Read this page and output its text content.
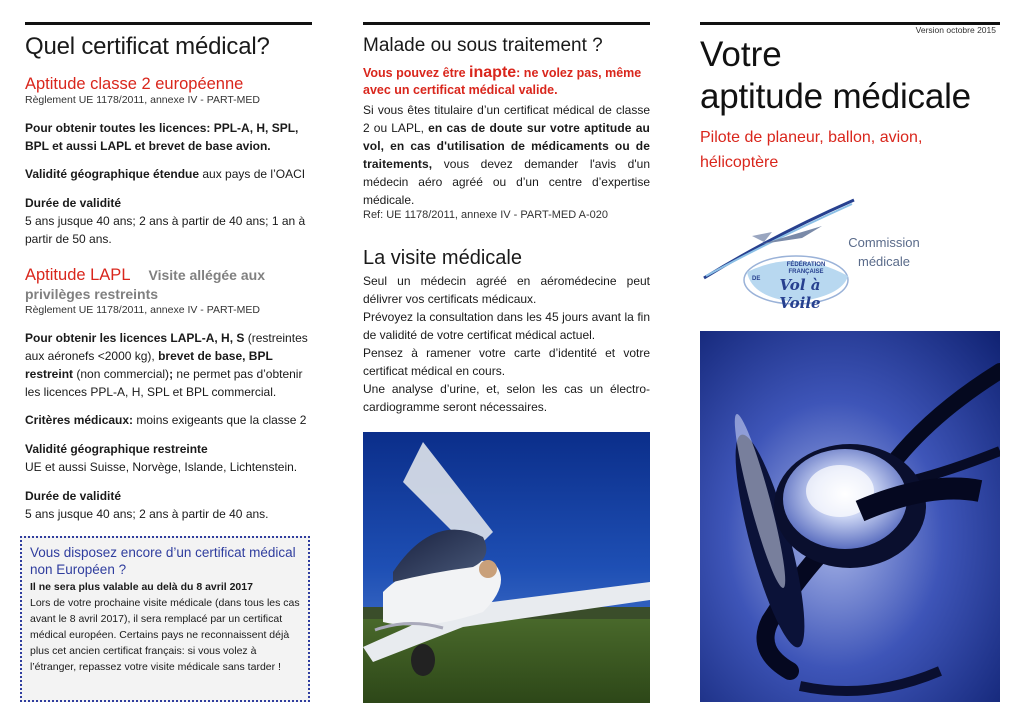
Quel certificat médical?
Aptitude classe 2 européenne
Règlement UE 1178/2011, annexe IV - PART-MED

Pour obtenir toutes les licences: PPL-A, H, SPL, BPL et aussi LAPL et brevet de base avion.

Validité géographique étendue aux pays de l’OACI

Durée de validité

5 ans jusque 40 ans; 2 ans à partir de 40 ans; 1 an à partir de 50 ans.

Aptitude LAPL Visite allégée aux privilèges restreints
Règlement UE 1178/2011, annexe IV - PART-MED

Pour obtenir les licences LAPL-A, H, S (restreintes aux aéronefs <2000 kg), brevet de base, BPL restreint (non commercial); ne permet pas d’obtenir les licences PPL-A, H, SPL et BPL commercial.

Critères médicaux: moins exigeants que la classe 2

Validité géographique restreinte

UE et aussi Suisse, Norvège, Islande, Lichtenstein.

Durée de validité

5 ans jusque 40 ans; 2 ans à partir de 40 ans.

Vous disposez encore d’un certificat médical non Européen ?
Il ne sera plus valable au delà du 8 avril 2017
Lors de votre prochaine visite médicale (dans tous les cas avant le 8 avril 2017), il sera remplacé par un certificat médical européen. Certains pays ne reconnaissent déjà plus cet ancien certificat français: si vous volez à l’étranger, repassez votre visite médicale sans tarder !
Malade ou sous traitement ?

Vous pouvez être inapte: ne volez pas, même avec un certificat médical valide.

Si vous êtes titulaire d’un certificat médical de classe 2 ou LAPL, en cas de doute sur votre aptitude au vol, en cas d'utilisation de médicaments ou de traitements, vous devez demander l'avis d'un médecin aéro agréé ou d’un centre d’expertise médicale.

Ref: UE 1178/2011, annexe IV - PART-MED A-020

La visite médicale

Seul un médecin agréé en aéromédecine peut délivrer vos certificats médicaux.

Prévoyez la consultation dans les 45 jours avant la fin de validité de votre certificat médical actuel.

Pensez à ramener votre carte d’identité et votre certificat médical en cours.

Une analyse d’urine, et, selon les cas un électro-cardiogramme seront nécessaires.

Version octobre 2015
Votre
aptitude médicale
Pilote de planeur, ballon, avion, hélicoptère
FÉDÉRATION FRANÇAISE
DE	Vol à Voile
Commission
médicale
